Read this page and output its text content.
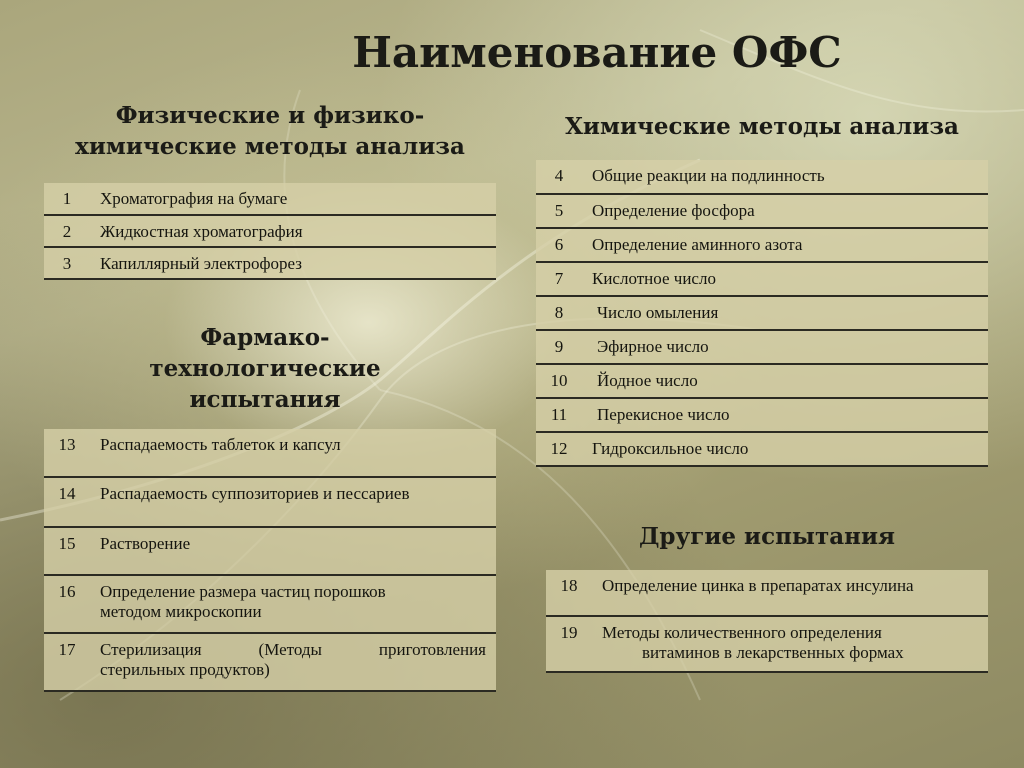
Наименование ОФС
Физические и физико-
химические методы анализа
1	Хроматография на бумаге
2	Жидкостная хроматография
3	Капиллярный электрофорез
Фармако-
технологические
испытания
13	Распадаемость таблеток и капсул
14	Распадаемость суппозиториев и пессариев
15	Растворение
16	Определение размера частиц порошков
методом микроскопии

17	Стерилизация (Методы приготовления
стерильных продуктов)
Химические методы анализа
4	Общие реакции на подлинность
5	Определение фосфора
6	Определение аминного азота
7	Кислотное число
8	Число омыления
9	Эфирное число
10	Йодное число
11	Перекисное число
12	Гидроксильное число
Другие испытания
18	Определение цинка в препаратах инсулина
19	Методы количественного определения
витаминов в лекарственных формах
